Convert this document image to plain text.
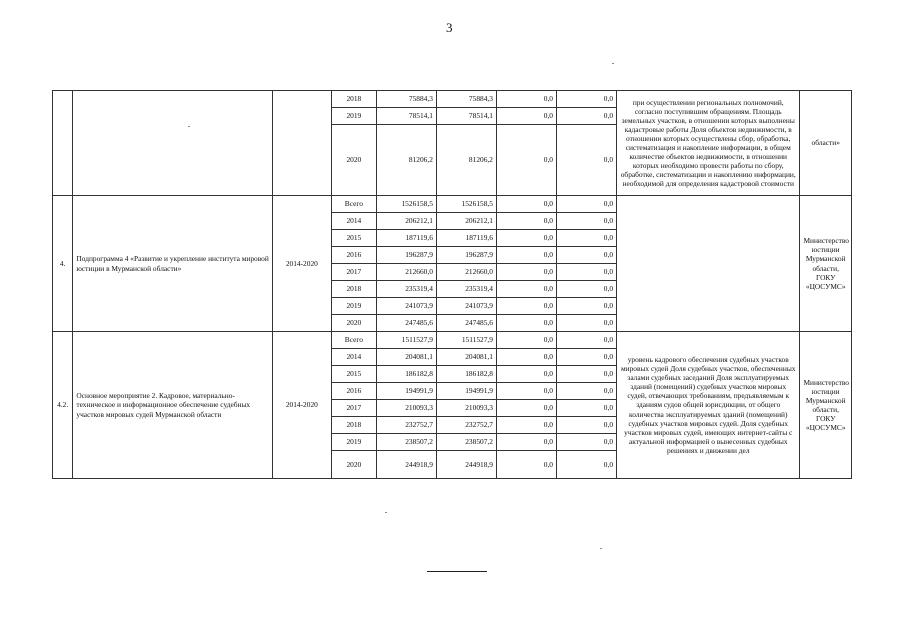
3
			2018	75884,3	75884,3	0,0	0,0	при осуществлении региональных полномочий, согласно поступившим обращениям. Площадь земельных участков, в отношении которых выполнены кадастровые работы Доля объектов недвижимости, в отношении которых осуществлены сбор, обработка, систематизация и накопление информации, в общем количестве объектов недвижимости, в отношении которых необходимо провести работы по сбору, обработке, систематизации и накоплению информации, необходимой для определения кадастровой стоимости	области»
			2019	78514,1	78514,1	0,0	0,0		
			2020	81206,2	81206,2	0,0	0,0		
4.	Подпрограмма 4 «Развитие и укрепление института мировой юстиции в Мурманской области»	2014-2020	Всего	1526158,5	1526158,5	0,0	0,0		Министерство юстиции Мурманской области, ГОКУ «ЦОСУМС»
			2014	206212,1	206212,1	0,0	0,0		
			2015	187119,6	187119,6	0,0	0,0		
			2016	196287,9	196287,9	0,0	0,0		
			2017	212660,0	212660,0	0,0	0,0		
			2018	235319,4	235319,4	0,0	0,0		
			2019	241073,9	241073,9	0,0	0,0		
			2020	247485,6	247485,6	0,0	0,0		
4.2.	Основное мероприятие 2. Кадровое, материально-техническое и информационное обеспечение судебных участков мировых судей Мурманской области	2014-2020	Всего	1511527,9	1511527,9	0,0	0,0	уровень кадрового обеспечения судебных участков мировых судей Доля судебных участков, обеспеченных залами судебных заседаний Доля эксплуатируемых зданий (помещений) судебных участков мировых судей, отвечающих требованиям, предъявляемым к зданиям судов общей юрисдикции, от общего количества эксплуатируемых зданий (помещений) судебных участков мировых судей. Доля судебных участков мировых судей, имеющих интернет-сайты с актуальной информацией о вынесенных судебных решениях и движении дел	Министерство юстиции Мурманской области, ГОКУ «ЦОСУМС»
			2014	204081,1	204081,1	0,0	0,0		
			2015	186182,8	186182,8	0,0	0,0		
			2016	194991,9	194991,9	0,0	0,0		
			2017	210093,3	210093,3	0,0	0,0		
			2018	232752,7	232752,7	0,0	0,0		
			2019	238507,2	238507,2	0,0	0,0		
			2020	244918,9	244918,9	0,0	0,0		
